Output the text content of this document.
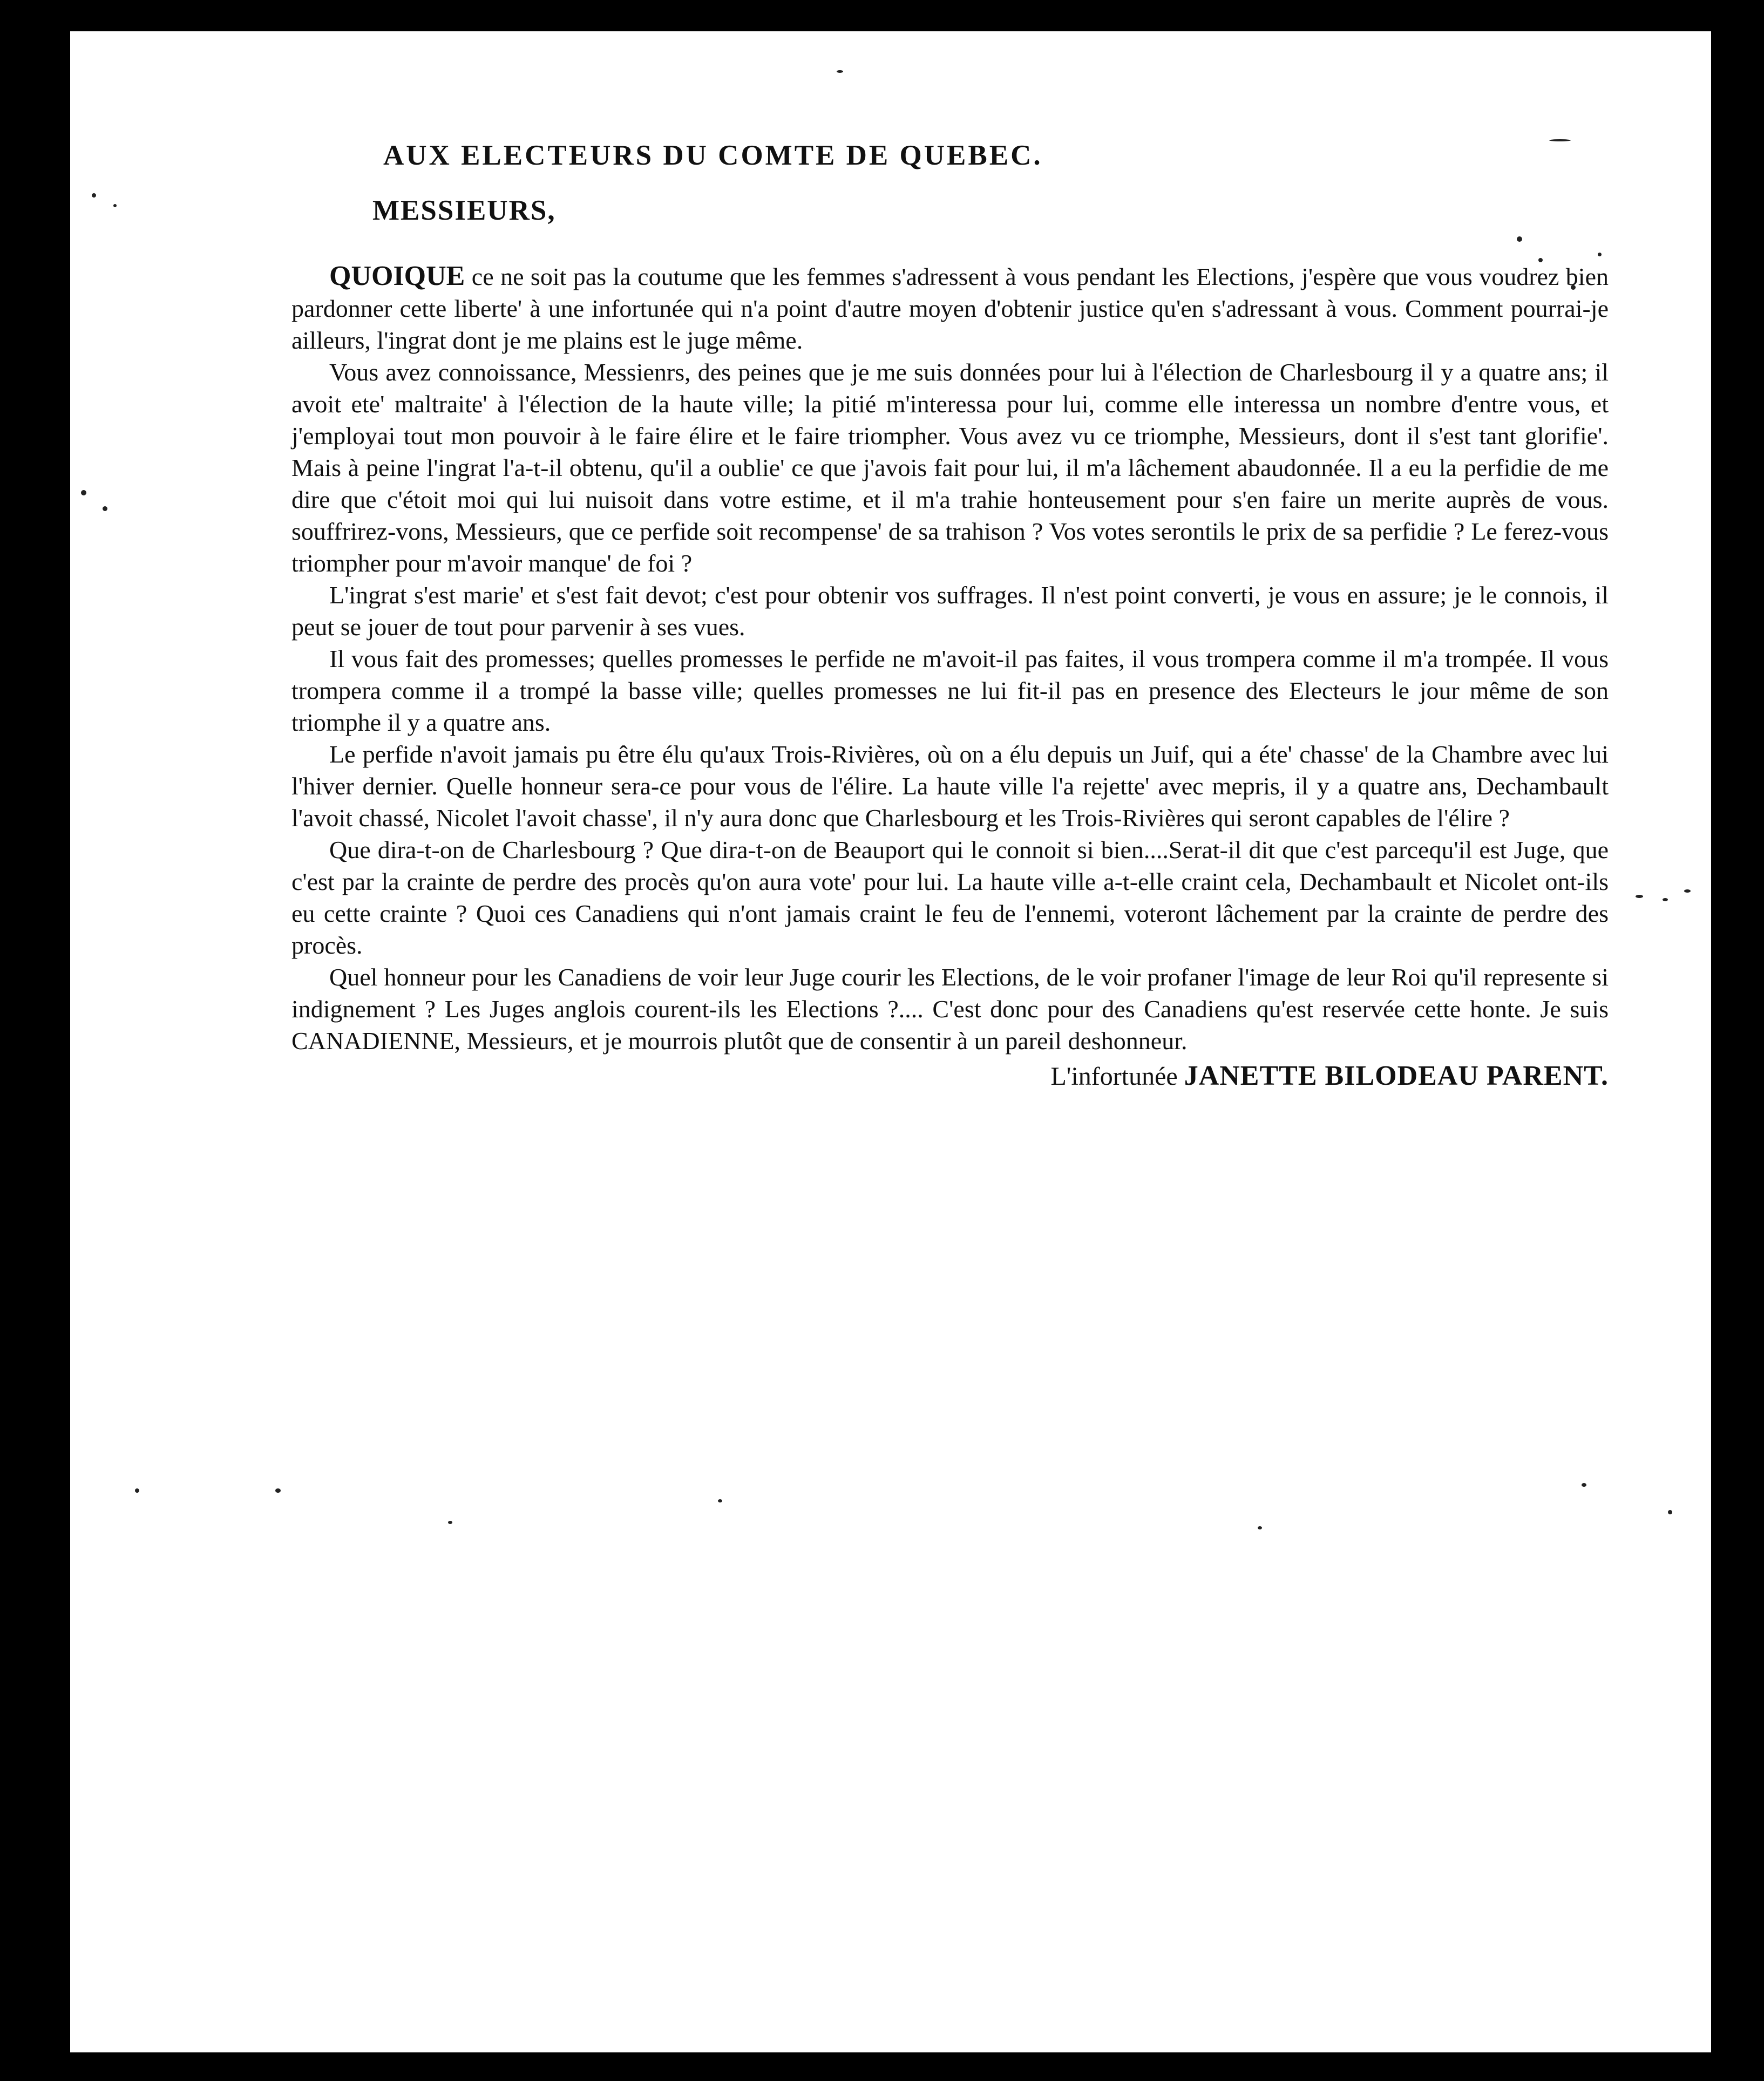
AUX ELECTEURS DU COMTE DE QUEBEC.
MESSIEURS,

QUOIQUE ce ne soit pas la coutume que les femmes s'adressent à vous pendant les Elections, j'espère que vous voudrez bien pardonner cette liberte' à une infortunée qui n'a point d'autre moyen d'obtenir justice qu'en s'adressant à vous. Comment pourrai-je ailleurs, l'ingrat dont je me plains est le juge même.

Vous avez connoissance, Messienrs, des peines que je me suis données pour lui à l'élection de Charlesbourg il y a quatre ans; il avoit ete' maltraite' à l'élection de la haute ville; la pitié m'interessa pour lui, comme elle interessa un nombre d'entre vous, et j'employai tout mon pouvoir à le faire élire et le faire triompher. Vous avez vu ce triomphe, Messieurs, dont il s'est tant glorifie'. Mais à peine l'ingrat l'a-t-il obtenu, qu'il a oublie' ce que j'avois fait pour lui, il m'a lâchement abaudonnée. Il a eu la perfidie de me dire que c'étoit moi qui lui nuisoit dans votre estime, et il m'a trahie honteusement pour s'en faire un merite auprès de vous. souffrirez-vons, Messieurs, que ce perfide soit recompense' de sa trahison ? Vos votes serontils le prix de sa perfidie ? Le ferez-vous triompher pour m'avoir manque' de foi ?

L'ingrat s'est marie' et s'est fait devot; c'est pour obtenir vos suffrages. Il n'est point converti, je vous en assure; je le connois, il peut se jouer de tout pour parvenir à ses vues.

Il vous fait des promesses; quelles promesses le perfide ne m'avoit-il pas faites, il vous trompera comme il m'a trompée. Il vous trompera comme il a trompé la basse ville; quelles promesses ne lui fit-il pas en presence des Electeurs le jour même de son triomphe il y a quatre ans.

Le perfide n'avoit jamais pu être élu qu'aux Trois-Rivières, où on a élu depuis un Juif, qui a éte' chasse' de la Chambre avec lui l'hiver dernier. Quelle honneur sera-ce pour vous de l'élire. La haute ville l'a rejette' avec mepris, il y a quatre ans, Dechambault l'avoit chassé, Nicolet l'avoit chasse', il n'y aura donc que Charlesbourg et les Trois-Rivières qui seront capables de l'élire ?

Que dira-t-on de Charlesbourg ? Que dira-t-on de Beauport qui le connoit si bien....Serat-il dit que c'est parcequ'il est Juge, que c'est par la crainte de perdre des procès qu'on aura vote' pour lui. La haute ville a-t-elle craint cela, Dechambault et Nicolet ont-ils eu cette crainte ? Quoi ces Canadiens qui n'ont jamais craint le feu de l'ennemi, voteront lâchement par la crainte de perdre des procès.

Quel honneur pour les Canadiens de voir leur Juge courir les Elections, de le voir profaner l'image de leur Roi qu'il represente si indignement ? Les Juges anglois courent-ils les Elections ?.... C'est donc pour des Canadiens qu'est reservée cette honte. Je suis CANADIENNE, Messieurs, et je mourrois plutôt que de consentir à un pareil deshonneur.

L'infortunée JANETTE BILODEAU PARENT.
